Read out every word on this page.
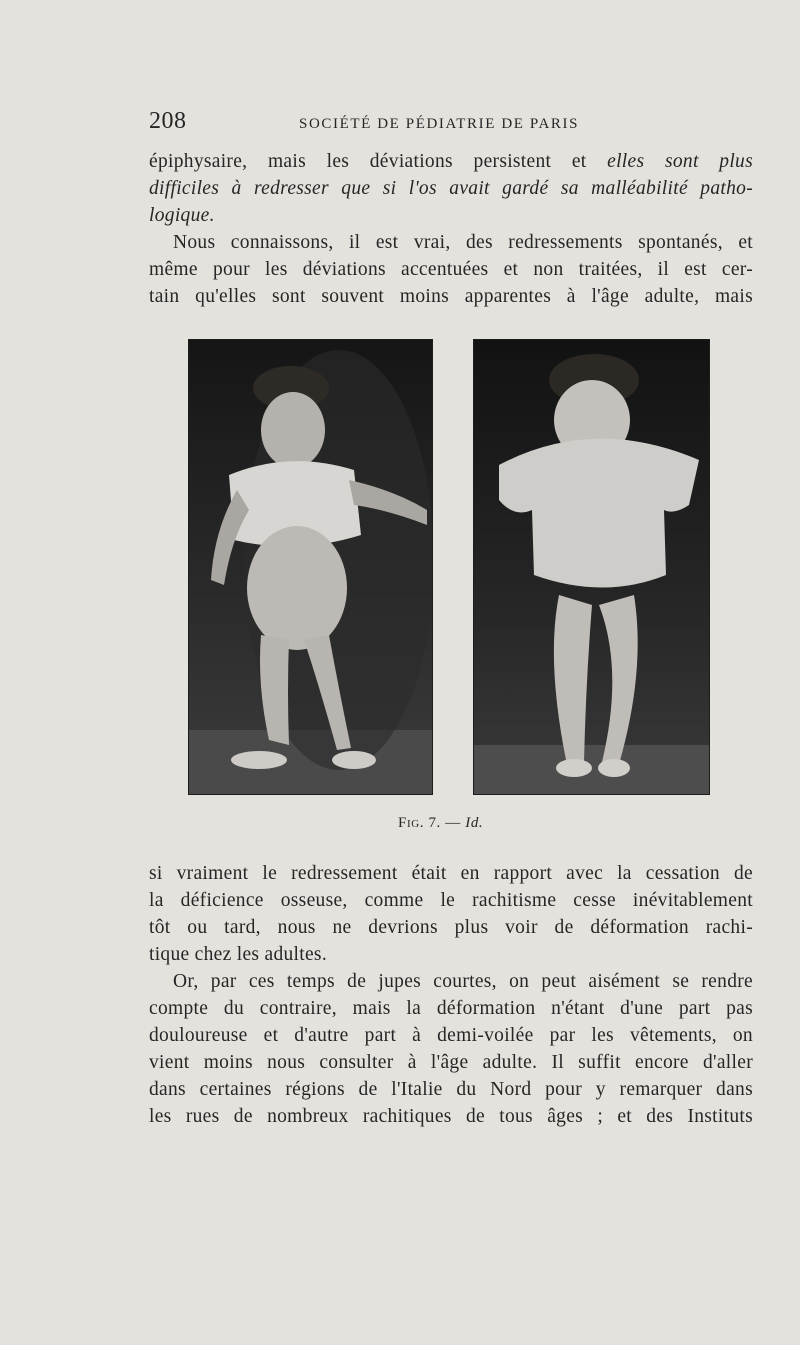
208	SOCIÉTÉ DE PÉDIATRIE DE PARIS
épiphysaire, mais les déviations persistent et elles sont plus
difficiles à redresser que si l'os avait gardé sa malléabilité patho-
logique.
Nous connaissons, il est vrai, des redressements spontanés, et
même pour les déviations accentuées et non traitées, il est cer-
tain qu'elles sont souvent moins apparentes à l'âge adulte, mais
Fig. 7. — Id.
si vraiment le redressement était en rapport avec la cessation de
la déficience osseuse, comme le rachitisme cesse inévitablement
tôt ou tard, nous ne devrions plus voir de déformation rachi-
tique chez les adultes.
Or, par ces temps de jupes courtes, on peut aisément se rendre
compte du contraire, mais la déformation n'étant d'une part pas
douloureuse et d'autre part à demi-voilée par les vêtements, on
vient moins nous consulter à l'âge adulte. Il suffit encore d'aller
dans certaines régions de l'Italie du Nord pour y remarquer dans
les rues de nombreux rachitiques de tous âges ; et des Instituts
